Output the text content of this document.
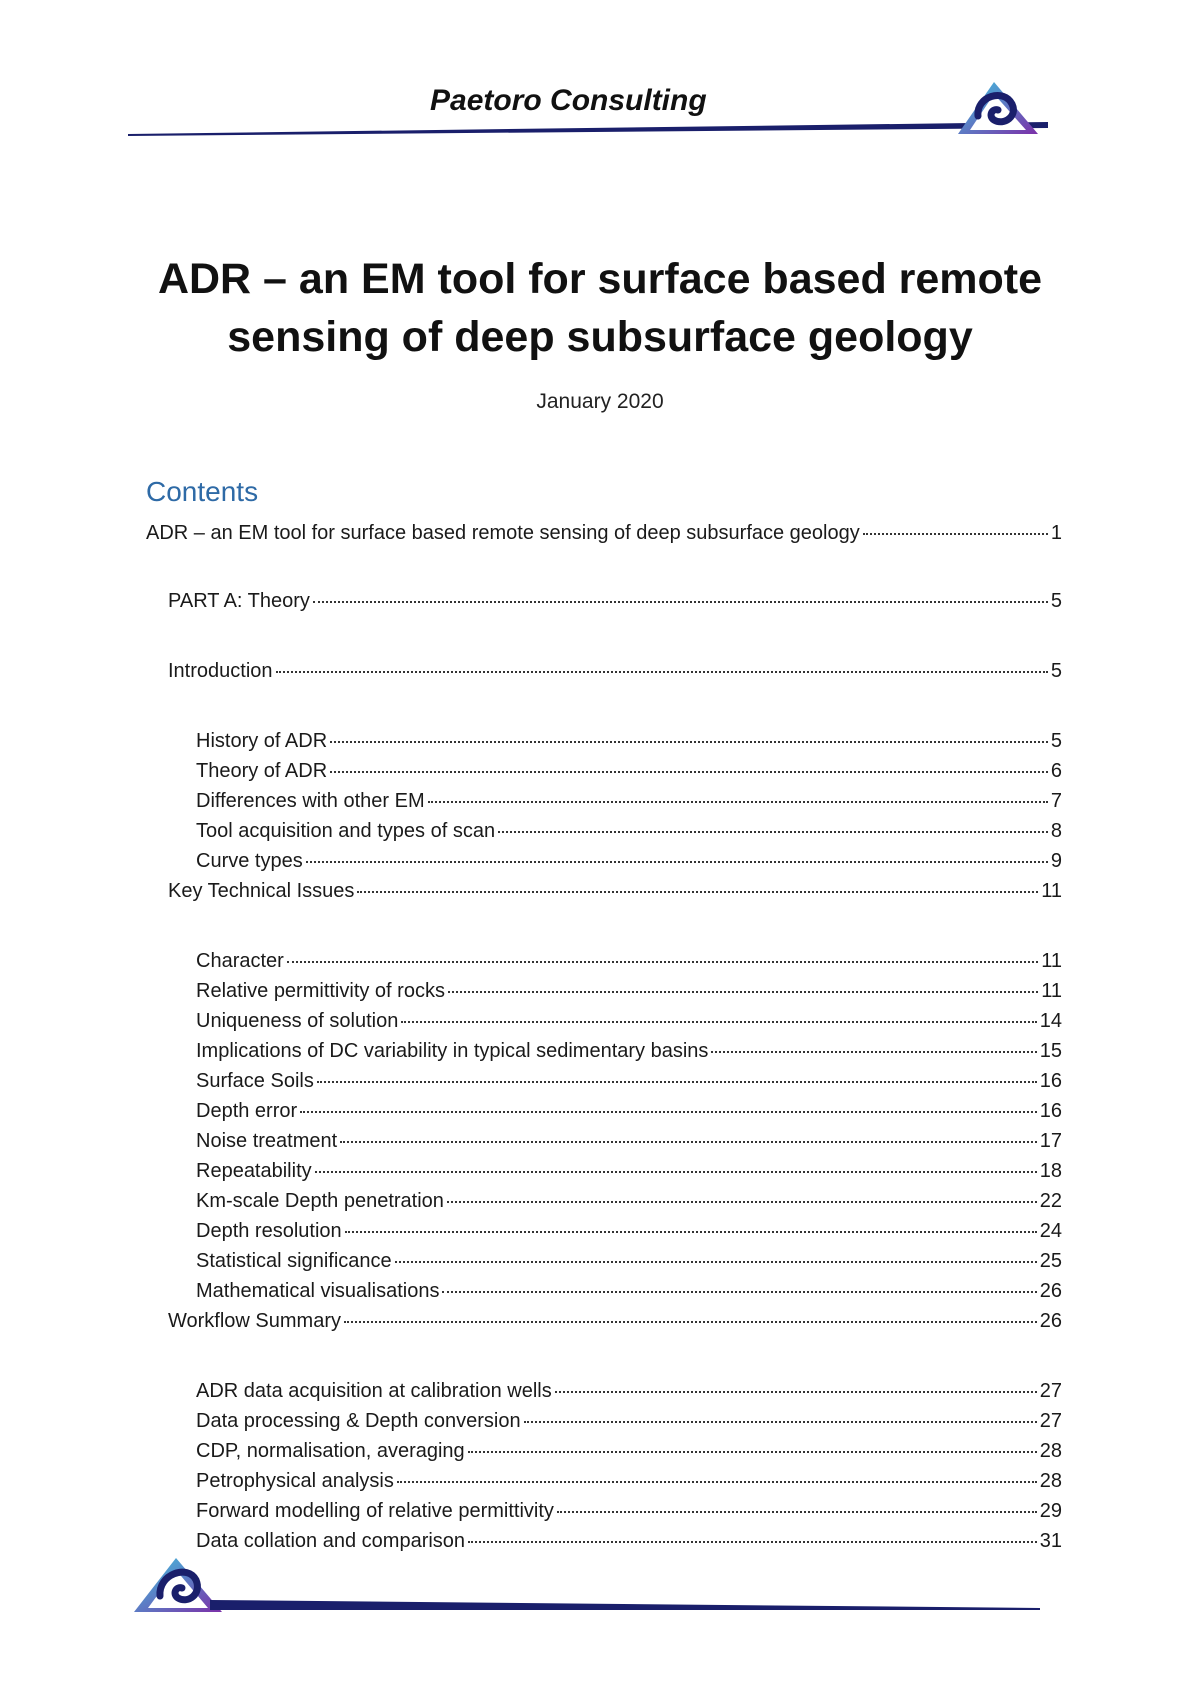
Paetoro Consulting
ADR – an EM tool for surface based remote
sensing of deep subsurface geology
January 2020
Contents
ADR – an EM tool for surface based remote sensing of deep subsurface geology	1
PART A: Theory	5
Introduction	5
History of ADR	5
Theory of ADR	6
Differences with other EM	7
Tool acquisition and types of scan	8
Curve types	9
Key Technical Issues	11
Character	11
Relative permittivity of rocks	11
Uniqueness of solution	14
Implications of DC variability in typical sedimentary basins	15
Surface Soils	16
Depth error	16
Noise treatment	17
Repeatability	18
Km-scale Depth penetration	22
Depth resolution	24
Statistical significance	25
Mathematical visualisations	26
Workflow Summary	26
ADR data acquisition at calibration wells	27
Data processing & Depth conversion	27
CDP, normalisation, averaging	28
Petrophysical analysis	28
Forward modelling of relative permittivity	29
Data collation and comparison	31
